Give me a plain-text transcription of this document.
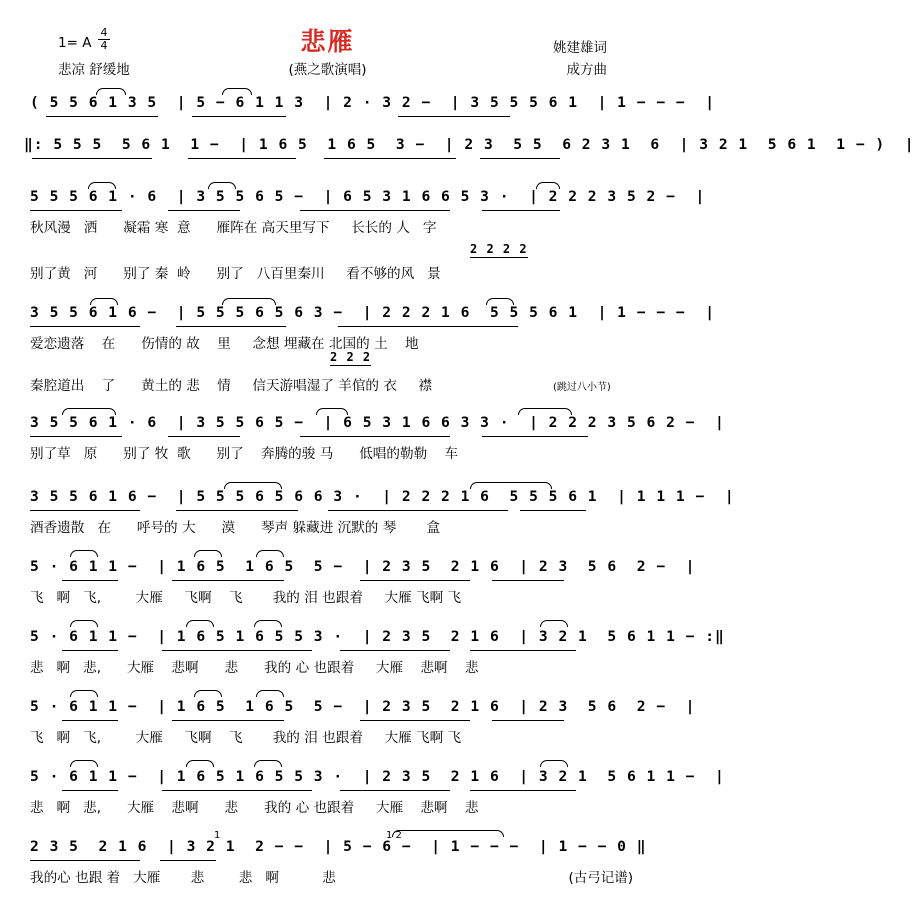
悲雁
1= A
4
4
悲凉 舒缓地	(燕之歌演唱)
姚建雄词
成方曲
( 5 5 6 1 3 5  | 5 − 6 1 1 3  | 2 · 3 2 −  | 3 5 5 5 6 1  | 1 − − −  |
‖: 5 5 5  5 6 1  1 −  | 1 6 5  1 6 5  3 −  | 2 3  5 5  6 2 3 1  6  | 3 2 1  5 6 1  1 − )  |
5 5 5 6 1 · 6  | 3 5 5 6 5 −  | 6 5 3 1 6 6 5 3 ·  | 2 2 2 3 5 2 −  |
秋风漫   洒      凝霜 寒  意      雁阵在 高天里写下     长长的 人   字
2 2 2 2
别了黄   河      别了 秦  岭      别了   八百里秦川     看不够的风   景
3 5 5 6 1 6 −  | 5 5 5 6 5 6 3 −  | 2 2 2 1 6  5 5 5 6 1  | 1 − − −  |
爱恋遗落    在      伤情的 故    里     念想 埋藏在 北国的 土    地
2 2 2
秦腔道出    了      黄土的 悲    情     信天游唱湿了 羊倌的 衣     襟	(跳过八小节)
3 5 5 6 1 · 6  | 3 5 5 6 5 −  | 6 5 3 1 6 6 3 3 ·  | 2 2 2 3 5 6 2 −  |
别了草   原      别了 牧  歌      别了    奔腾的骏 马      低唱的勒勒    车
3 5 5 6 1 6 −  | 5 5 5 6 5 6 6 3 ·  | 2 2 2 1 6  5 5 5 6 1  | 1 1 1 −  |
酒香遗散   在      呼号的 大      漠      琴声 躲藏进 沉默的 琴       盒
5 · 6 1 1 −  | 1 6 5  1 6 5  5 −  | 2 3 5  2 1 6  | 2 3  5 6  2 −  |
飞   啊   飞,        大雁     飞啊    飞       我的 泪 也跟着     大雁 飞啊 飞
5 · 6 1 1 −  | 1 6 5 1 6 5 5 3 ·  | 2 3 5  2 1 6  | 3 2 1  5 6 1 1 − :‖
悲   啊   悲,      大雁    悲啊      悲      我的 心 也跟着     大雁    悲啊    悲
5 · 6 1 1 −  | 1 6 5  1 6 5  5 −  | 2 3 5  2 1 6  | 2 3  5 6  2 −  |
飞   啊   飞,        大雁     飞啊    飞       我的 泪 也跟着     大雁 飞啊 飞
5 · 6 1 1 −  | 1 6 5 1 6 5 5 3 ·  | 2 3 5  2 1 6  | 3 2 1  5 6 1 1 −  |
悲   啊   悲,      大雁    悲啊      悲      我的 心 也跟着     大雁    悲啊    悲
2 3 5  2 1 6  | 3 2 1  2 − −  | 5 − 6 −  | 1 − − −  | 1 − − 0 ‖
1	1 2
我的心 也跟 着   大雁       悲        悲   啊          悲	(古弓记谱)
